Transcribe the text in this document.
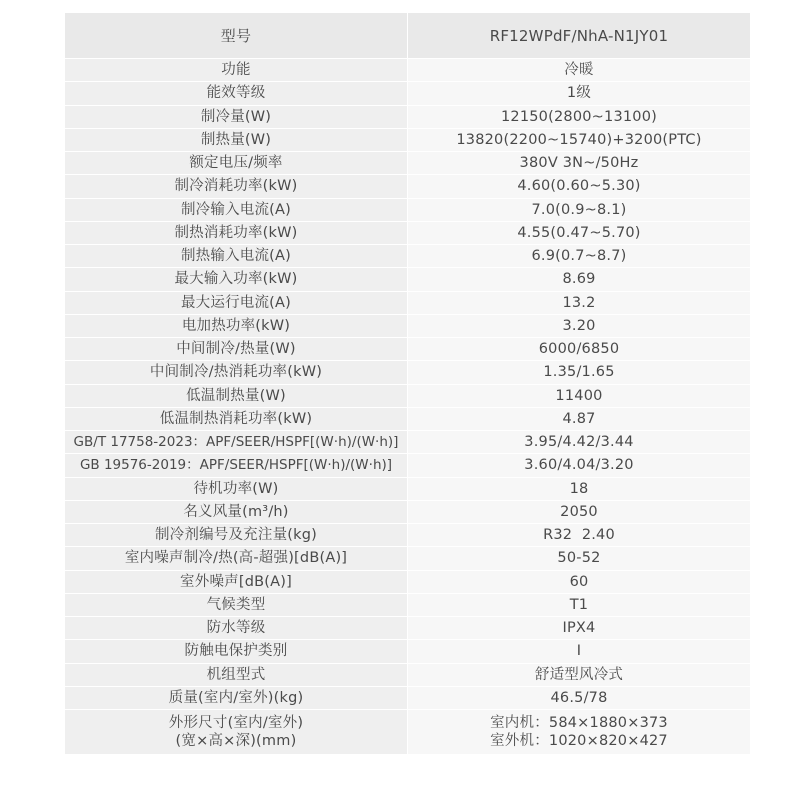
型号	RF12WPdF/NhA-N1JY01
功能	冷暖
能效等级	1级
制冷量(W)	12150(2800~13100)
制热量(W)	13820(2200~15740)+3200(PTC)
额定电压/频率	380V 3N~/50Hz
制冷消耗功率(kW)	4.60(0.60~5.30)
制冷输入电流(A)	7.0(0.9~8.1)
制热消耗功率(kW)	4.55(0.47~5.70)
制热输入电流(A)	6.9(0.7~8.7)
最大输入功率(kW)	8.69
最大运行电流(A)	13.2
电加热功率(kW)	3.20
中间制冷/热量(W)	6000/6850
中间制冷/热消耗功率(kW)	1.35/1.65
低温制热量(W)	11400
低温制热消耗功率(kW)	4.87
GB/T 17758-2023：APF/SEER/HSPF[(W·h)/(W·h)]	3.95/4.42/3.44
GB 19576-2019：APF/SEER/HSPF[(W·h)/(W·h)]	3.60/4.04/3.20
待机功率(W)	18
名义风量(m³/h)	2050
制冷剂编号及充注量(kg)	R32  2.40
室内噪声制冷/热(高-超强)[dB(A)]	50-52
室外噪声[dB(A)]	60
气候类型	T1
防水等级	IPX4
防触电保护类别	I
机组型式	舒适型风冷式
质量(室内/室外)(kg)	46.5/78

外形尺寸(室内/室外)
(宽×高×深)(mm)	室内机：584×1880×373
室外机：1020×820×427
